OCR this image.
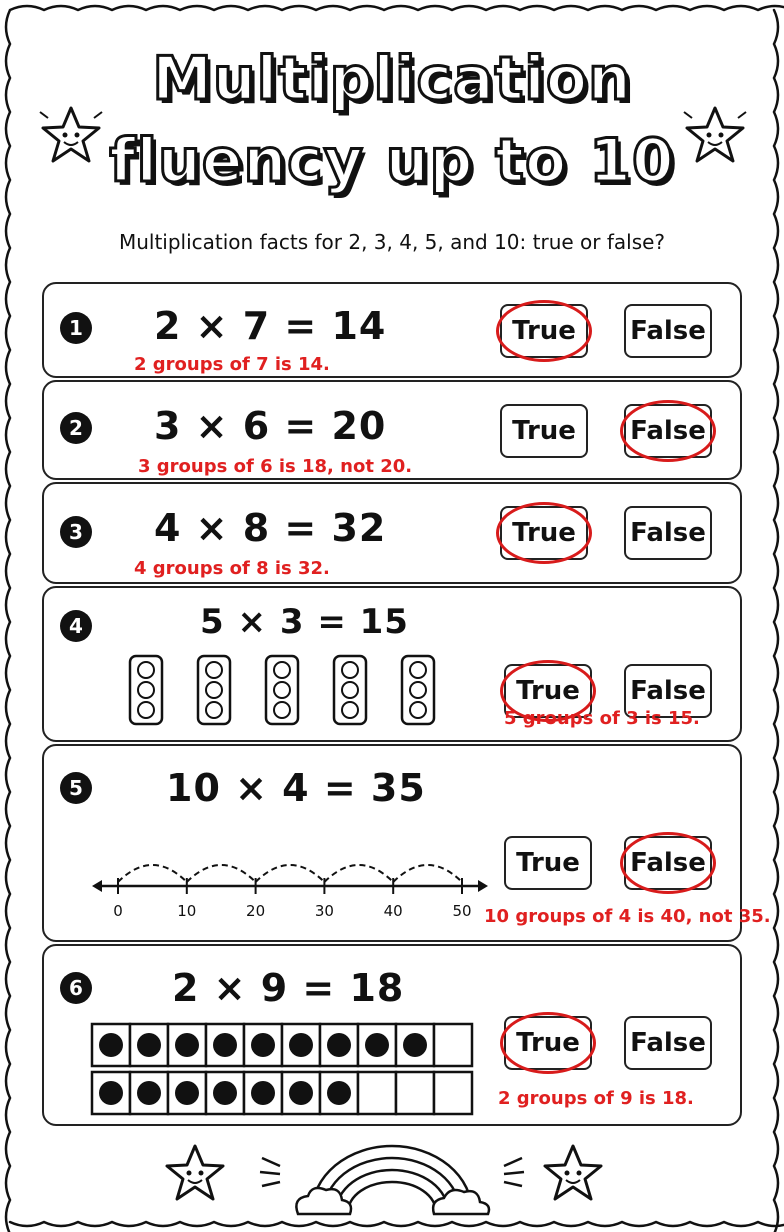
Multiplication
fluency up to 10
Multiplication facts for 2, 3, 4, 5, and 10: true or false?
1 2 × 7 = 14
2 groups of 7 is 14.
True False
2 3 × 6 = 20
3 groups of 6 is 18, not 20.
True False
3 4 × 8 = 32
4 groups of 8 is 32.
True False
4	5 × 3 = 15
True False
5 groups of 3 is 15.
5 10 × 4 = 35
0	10	20	30	40	50
True False
10 groups of 4 is 40, not 35.
6 2 × 9 = 18
True False
2 groups of 9 is 18.
